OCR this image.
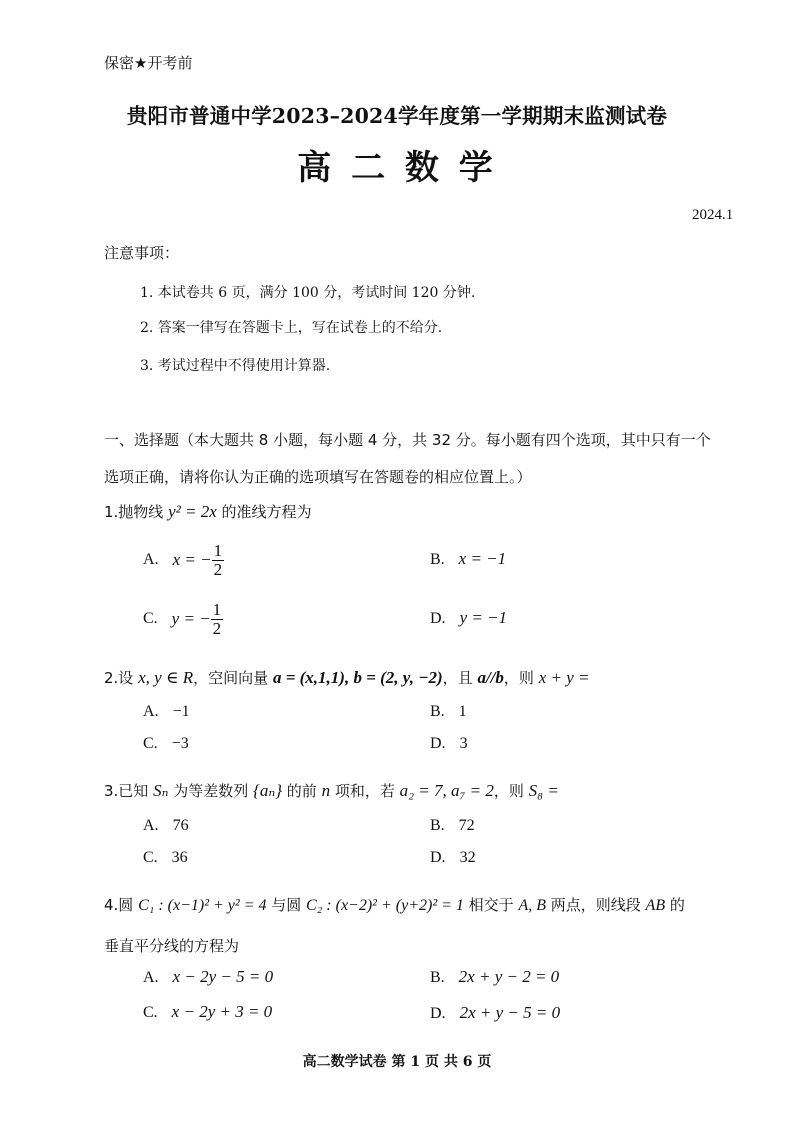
保密★开考前
贵阳市普通中学2023–2024学年度第一学期期末监测试卷
高 二 数 学
2024.1
注意事项：
1. 本试卷共 6 页，满分 100 分，考试时间 120 分钟.
2. 答案一律写在答题卡上，写在试卷上的不给分.
3. 考试过程中不得使用计算器.
一、选择题（本大题共 8 小题，每小题 4 分，共 32 分。每小题有四个选项，其中只有一个
选项正确，请将你认为正确的选项填写在答题卷的相应位置上。）
1.抛物线 y² = 2x 的准线方程为
A. x = − $\frac{1}{2}$	B. x = −1
C. y = − $\frac{1}{2}$	D. y = −1
2.设 x, y ∈ R，空间向量 a = (x,1,1), b = (2, y, −2)，且 a//b，则 x + y =
A. −1	B. 1
C. −3	D. 3
3.已知 Sₙ 为等差数列 {aₙ} 的前 n 项和，若 a₂ = 7, a₇ = 2，则 S₈ =
A. 76	B. 72
C. 36	D. 32
4.圆 C₁ : (x−1)² + y² = 4 与圆 C₂ : (x−2)² + (y+2)² = 1 相交于 A, B 两点，则线段 AB 的
垂直平分线的方程为
A. x − 2y − 5 = 0	B. 2x + y − 2 = 0
C. x − 2y + 3 = 0	D. 2x + y − 5 = 0
高二数学试卷 第 1 页 共 6 页
